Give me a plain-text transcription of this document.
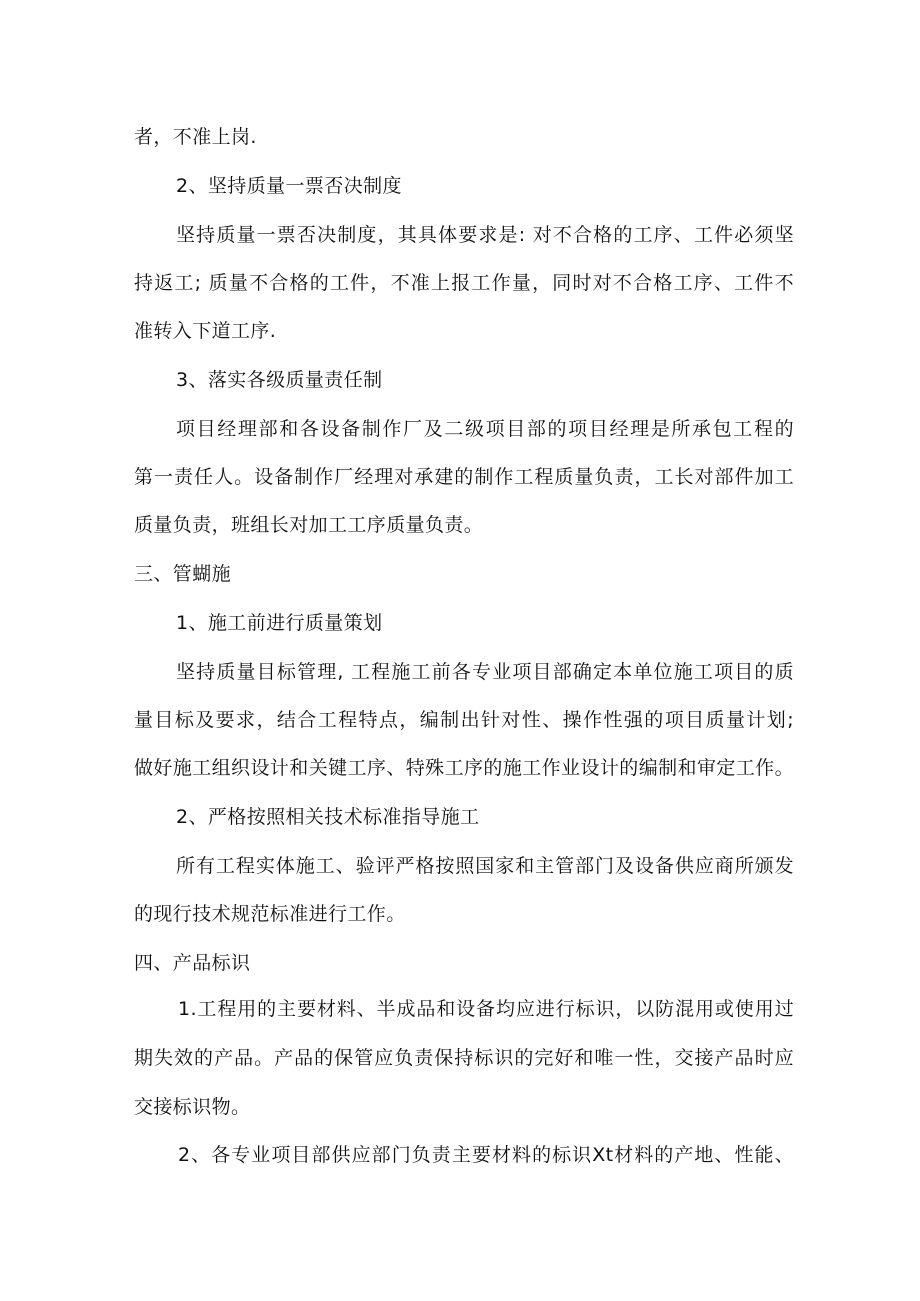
者，不准上岗.
2、坚持质量一票否决制度
坚持质量一票否决制度，其具体要求是: 对不合格的工序、工件必须坚
持返工; 质量不合格的工件，不准上报工作量，同时对不合格工序、工件不
准转入下道工序.
3、落实各级质量责任制
项目经理部和各设备制作厂及二级项目部的项目经理是所承包工程的
第一责任人。设备制作厂经理对承建的制作工程质量负责，工长对部件加工
质量负责，班组长对加工工序质量负责。
三、管蝴施
1、施工前进行质量策划
坚持质量目标管理, 工程施工前各专业项目部确定本单位施工项目的质
量目标及要求，结合工程特点，编制出针对性、操作性强的项目质量计划;
做好施工组织设计和关键工序、特殊工序的施工作业设计的编制和审定工作。
2、严格按照相关技术标准指导施工
所有工程实体施工、验评严格按照国家和主管部门及设备供应商所颁发
的现行技术规范标准进行工作。
四、产品标识
1.工程用的主要材料、半成品和设备均应进行标识，以防混用或使用过
期失效的产品。产品的保管应负责保持标识的完好和唯一性，交接产品时应
交接标识物。
2、各专业项目部供应部门负责主要材料的标识Xt材料的产地、性能、
